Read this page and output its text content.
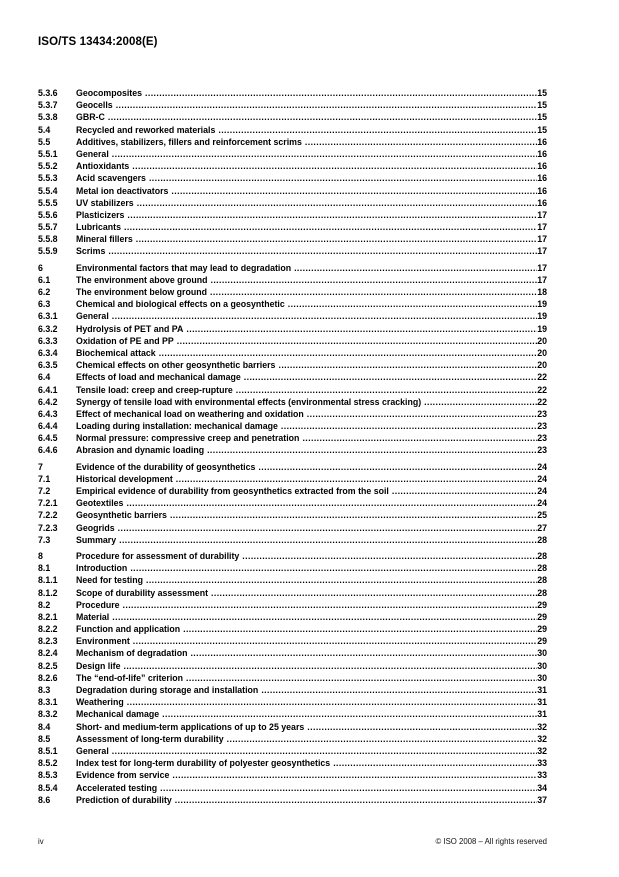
ISO/TS 13434:2008(E)
5.3.6	Geocomposites .....	15
5.3.7	Geocells .....	15
5.3.8	GBR-C .....	15
5.4	Recycled and reworked materials .....	15
5.5	Additives, stabilizers, fillers and reinforcement scrims .....	16
5.5.1	General .....	16
5.5.2	Antioxidants .....	16
5.5.3	Acid scavengers .....	16
5.5.4	Metal ion deactivators .....	16
5.5.5	UV stabilizers .....	16
5.5.6	Plasticizers .....	17
5.5.7	Lubricants .....	17
5.5.8	Mineral fillers .....	17
5.5.9	Scrims .....	17
6	Environmental factors that may lead to degradation .....	17
6.1	The environment above ground .....	17
6.2	The environment below ground .....	18
6.3	Chemical and biological effects on a geosynthetic .....	19
6.3.1	General .....	19
6.3.2	Hydrolysis of PET and PA .....	19
6.3.3	Oxidation of PE and PP .....	20
6.3.4	Biochemical attack .....	20
6.3.5	Chemical effects on other geosynthetic barriers .....	20
6.4	Effects of load and mechanical damage .....	22
6.4.1	Tensile load: creep and creep-rupture .....	22
6.4.2	Synergy of tensile load with environmental effects (environmental stress cracking) .....	22
6.4.3	Effect of mechanical load on weathering and oxidation .....	23
6.4.4	Loading during installation: mechanical damage .....	23
6.4.5	Normal pressure: compressive creep and penetration .....	23
6.4.6	Abrasion and dynamic loading .....	23
7	Evidence of the durability of geosynthetics .....	24
7.1	Historical development .....	24
7.2	Empirical evidence of durability from geosynthetics extracted from the soil .....	24
7.2.1	Geotextiles .....	24
7.2.2	Geosynthetic barriers .....	25
7.2.3	Geogrids .....	27
7.3	Summary .....	28
8	Procedure for assessment of durability .....	28
8.1	Introduction .....	28
8.1.1	Need for testing .....	28
8.1.2	Scope of durability assessment .....	28
8.2	Procedure .....	29
8.2.1	Material .....	29
8.2.2	Function and application .....	29
8.2.3	Environment .....	29
8.2.4	Mechanism of degradation .....	30
8.2.5	Design life .....	30
8.2.6	The “end-of-life” criterion .....	30
8.3	Degradation during storage and installation .....	31
8.3.1	Weathering .....	31
8.3.2	Mechanical damage .....	31
8.4	Short- and medium-term applications of up to 25 years .....	32
8.5	Assessment of long-term durability .....	32
8.5.1	General .....	32
8.5.2	Index test for long-term durability of polyester geosynthetics .....	33
8.5.3	Evidence from service .....	33
8.5.4	Accelerated testing .....	34
8.6	Prediction of durability .....	37
iv	© ISO 2008 – All rights reserved
